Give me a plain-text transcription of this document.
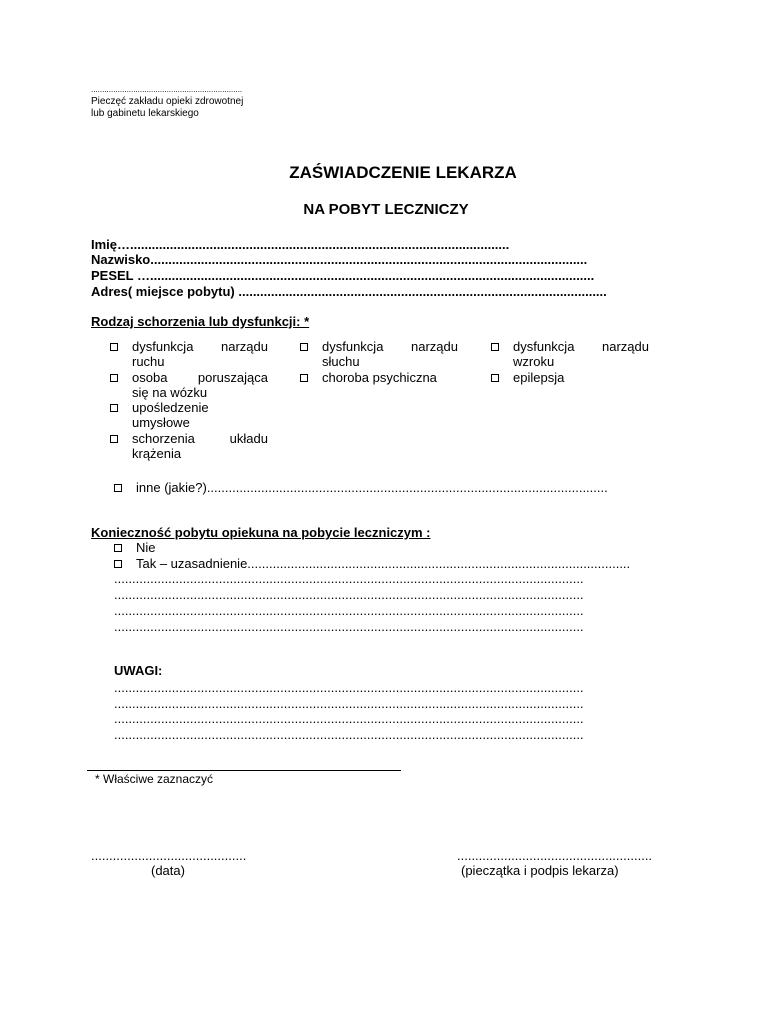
....................................................................
Pieczęć zakładu opieki zdrowotnej
lub gabinetu lekarskiego
ZAŚWIADCZENIE LEKARZA
NA POBYT LECZNICZY
Imię….........................................................................................................
Nazwisko.........................................................................................................................
PESEL …...........................................................................................................................
Adres( miejsce pobytu) ......................................................................................................
Rodzaj schorzenia lub dysfunkcji: *
dysfunkcja narządu
ruchu
osoba poruszająca
się na wózku
upośledzenie
umysłowe
schorzenia układu
krążenia
dysfunkcja narządu
słuchu
choroba psychiczna
dysfunkcja narządu
wzroku
epilepsja
inne (jakie?)...............................................................................................................
Konieczność pobytu opiekuna na pobycie leczniczym :
Nie
Tak – uzasadnienie..........................................................................................................
..................................................................................................................................
..................................................................................................................................
..................................................................................................................................
..................................................................................................................................
UWAGI:
..................................................................................................................................
..................................................................................................................................
..................................................................................................................................
..................................................................................................................................
* Właściwe zaznaczyć
...........................................
(data)
......................................................
(pieczątka i podpis lekarza)
